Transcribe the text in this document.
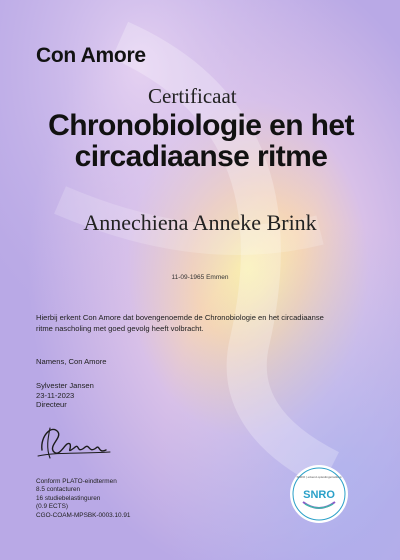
Con Amore
Certificaat
Chronobiologie en het circadiaanse ritme
Annechiena Anneke Brink
11-09-1965 Emmen
Hierbij erkent Con Amore dat bovengenoemde de Chronobiologie en het circadiaanse ritme nascholing met goed gevolg heeft volbracht.
Namens, Con Amore
Sylvester Jansen
23-11-2023
Directeur
Conform PLATO-eindtermen
8.5 contacturen
16 studiebelastinguren
(0.9 ECTS)
CGO-COAM-MPSBK-0003.10.91
SNRO
SNRO | erkend opleidingsinstituut
